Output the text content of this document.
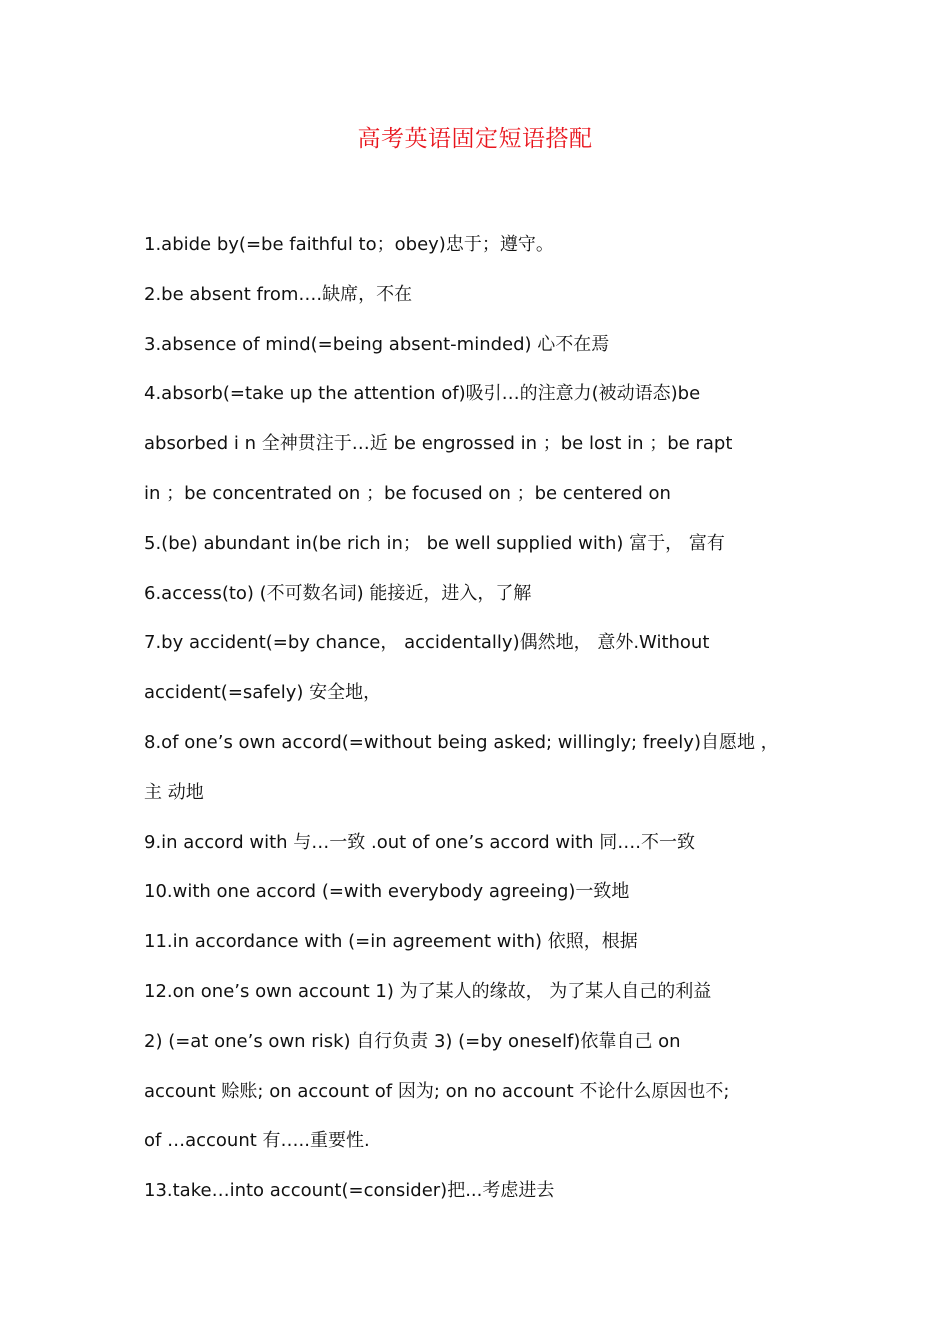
高考英语固定短语搭配
1.abide by(=be faithful to；obey)忠于；遵守。
2.be absent from….缺席，不在
3.absence of mind(=being absent-minded) 心不在焉
4.absorb(=take up the attention of)吸引…的注意力(被动语态)be
absorbed i n 全神贯注于…近 be engrossed in ；be lost in ；be rapt
in ；be concentrated on ；be focused on ；be centered on
5.(be) abundant in(be rich in； be well supplied with) 富于， 富有
6.access(to) (不可数名词) 能接近，进入，了解
7.by accident(=by chance， accidentally)偶然地， 意外.Without
accident(=safely) 安全地，
8.of one’s own accord(=without being asked; willingly; freely)自愿地 ，
主 动地
9.in accord with 与…一致 .out of one’s accord with 同….不一致
10.with one accord (=with everybody agreeing)一致地
11.in accordance with (=in agreement with) 依照，根据
12.on one’s own account 1) 为了某人的缘故， 为了某人自己的利益
2) (=at one’s own risk) 自行负责 3) (=by oneself)依靠自己 on
account 赊账; on account of 因为; on no account 不论什么原因也不;
of …account 有…..重要性.
13.take…into account(=consider)把...考虑进去
